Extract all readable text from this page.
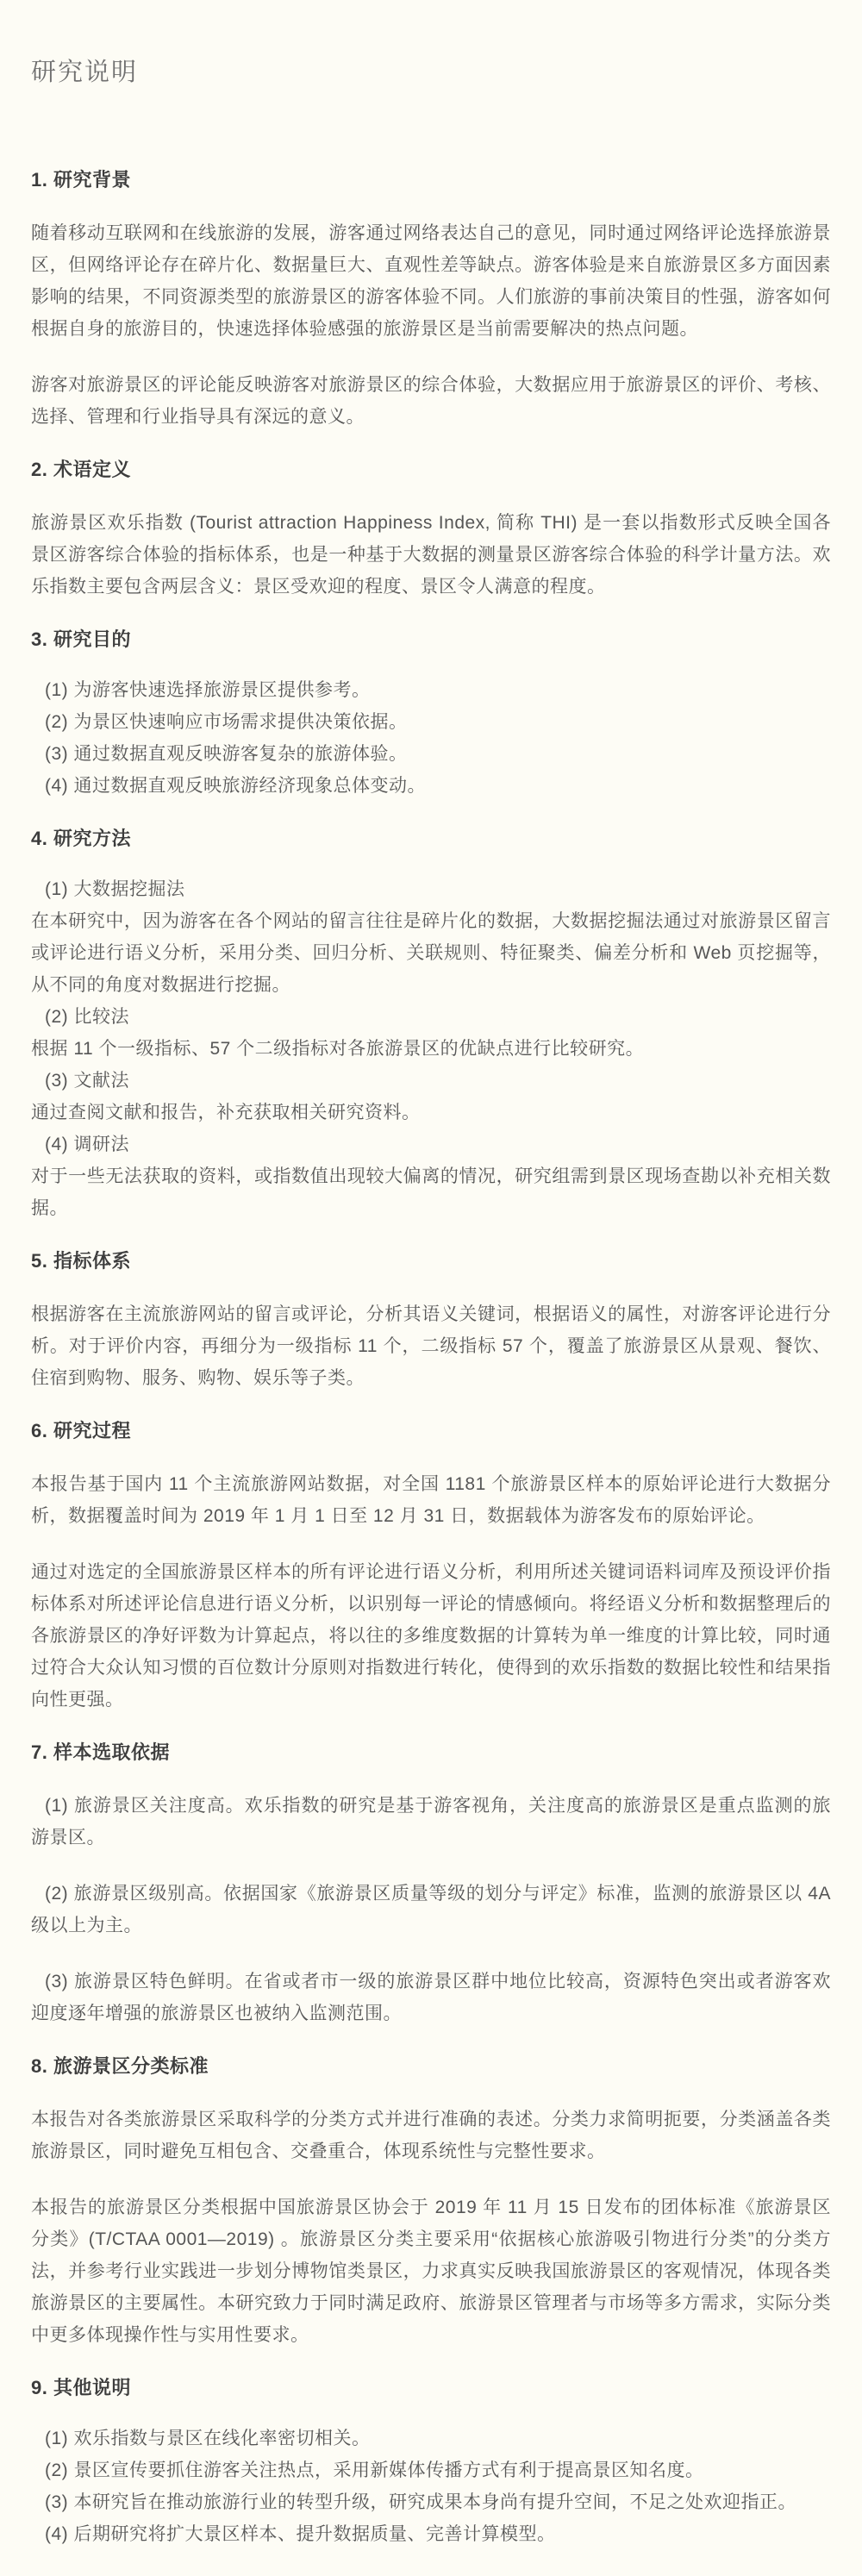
研究说明
1. 研究背景
随着移动互联网和在线旅游的发展，游客通过网络表达自己的意见，同时通过网络评论选择旅游景区，但网络评论存在碎片化、数据量巨大、直观性差等缺点。游客体验是来自旅游景区多方面因素影响的结果，不同资源类型的旅游景区的游客体验不同。人们旅游的事前决策目的性强，游客如何根据自身的旅游目的，快速选择体验感强的旅游景区是当前需要解决的热点问题。
游客对旅游景区的评论能反映游客对旅游景区的综合体验，大数据应用于旅游景区的评价、考核、选择、管理和行业指导具有深远的意义。
2. 术语定义
旅游景区欢乐指数 (Tourist attraction Happiness Index, 简称 THI) 是一套以指数形式反映全国各景区游客综合体验的指标体系，也是一种基于大数据的测量景区游客综合体验的科学计量方法。欢乐指数主要包含两层含义：景区受欢迎的程度、景区令人满意的程度。
3. 研究目的
(1) 为游客快速选择旅游景区提供参考。
(2) 为景区快速响应市场需求提供决策依据。
(3) 通过数据直观反映游客复杂的旅游体验。
(4) 通过数据直观反映旅游经济现象总体变动。
4. 研究方法
(1) 大数据挖掘法
在本研究中，因为游客在各个网站的留言往往是碎片化的数据，大数据挖掘法通过对旅游景区留言或评论进行语义分析，采用分类、回归分析、关联规则、特征聚类、偏差分析和 Web 页挖掘等，从不同的角度对数据进行挖掘。
(2) 比较法
根据 11 个一级指标、57 个二级指标对各旅游景区的优缺点进行比较研究。
(3) 文献法
通过查阅文献和报告，补充获取相关研究资料。
(4) 调研法
对于一些无法获取的资料，或指数值出现较大偏离的情况，研究组需到景区现场查勘以补充相关数据。
5. 指标体系
根据游客在主流旅游网站的留言或评论，分析其语义关键词，根据语义的属性，对游客评论进行分析。对于评价内容，再细分为一级指标 11 个，二级指标 57 个，覆盖了旅游景区从景观、餐饮、住宿到购物、服务、购物、娱乐等子类。
6. 研究过程
本报告基于国内 11 个主流旅游网站数据，对全国 1181 个旅游景区样本的原始评论进行大数据分析，数据覆盖时间为 2019 年 1 月 1 日至 12 月 31 日，数据载体为游客发布的原始评论。
通过对选定的全国旅游景区样本的所有评论进行语义分析，利用所述关键词语料词库及预设评价指标体系对所述评论信息进行语义分析，以识别每一评论的情感倾向。将经语义分析和数据整理后的各旅游景区的净好评数为计算起点，将以往的多维度数据的计算转为单一维度的计算比较，同时通过符合大众认知习惯的百位数计分原则对指数进行转化，使得到的欢乐指数的数据比较性和结果指向性更强。
7. 样本选取依据
(1) 旅游景区关注度高。欢乐指数的研究是基于游客视角，关注度高的旅游景区是重点监测的旅游景区。
(2) 旅游景区级别高。依据国家《旅游景区质量等级的划分与评定》标准，监测的旅游景区以 4A 级以上为主。
(3) 旅游景区特色鲜明。在省或者市一级的旅游景区群中地位比较高，资源特色突出或者游客欢迎度逐年增强的旅游景区也被纳入监测范围。
8. 旅游景区分类标准
本报告对各类旅游景区采取科学的分类方式并进行准确的表述。分类力求简明扼要，分类涵盖各类旅游景区，同时避免互相包含、交叠重合，体现系统性与完整性要求。
本报告的旅游景区分类根据中国旅游景区协会于 2019 年 11 月 15 日发布的团体标准《旅游景区分类》(T/CTAA 0001—2019) 。旅游景区分类主要采用“依据核心旅游吸引物进行分类”的分类方法，并参考行业实践进一步划分博物馆类景区，力求真实反映我国旅游景区的客观情况，体现各类旅游景区的主要属性。本研究致力于同时满足政府、旅游景区管理者与市场等多方需求，实际分类中更多体现操作性与实用性要求。
9. 其他说明
(1) 欢乐指数与景区在线化率密切相关。
(2) 景区宣传要抓住游客关注热点，采用新媒体传播方式有利于提高景区知名度。
(3) 本研究旨在推动旅游行业的转型升级，研究成果本身尚有提升空间，不足之处欢迎指正。
(4) 后期研究将扩大景区样本、提升数据质量、完善计算模型。
